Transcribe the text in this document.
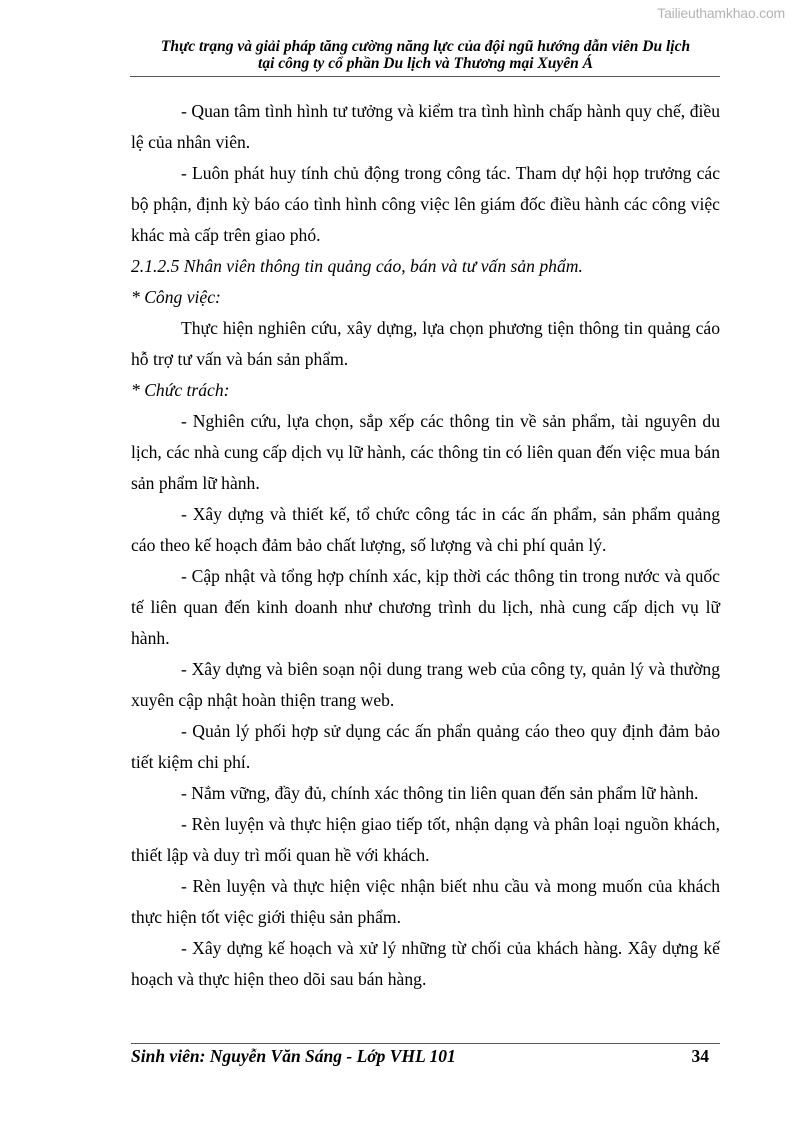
Tailieuthamkhao.com
Thực trạng và giải pháp tăng cường năng lực của đội ngũ hướng dẫn viên Du lịch
tại công ty cổ phần Du lịch và Thương mại Xuyên Á

- Quan tâm tình hình tư tưởng và kiểm tra tình hình chấp hành quy chế, điều lệ của nhân viên.

- Luôn phát huy tính chủ động trong công tác. Tham dự hội họp trưởng các bộ phận, định kỳ báo cáo tình hình công việc lên giám đốc điều hành các công việc khác mà cấp trên giao phó.

2.1.2.5 Nhân viên thông tin quảng cáo, bán và tư vấn sản phẩm.

* Công việc:

Thực hiện nghiên cứu, xây dựng, lựa chọn phương tiện thông tin quảng cáo hỗ trợ tư vấn và bán sản phẩm.

* Chức trách:

- Nghiên cứu, lựa chọn, sắp xếp các thông tin về sản phẩm, tài nguyên du lịch, các nhà cung cấp dịch vụ lữ hành, các thông tin có liên quan đến việc mua bán sản phẩm lữ hành.

- Xây dựng và thiết kế, tổ chức công tác in các ấn phẩm, sản phẩm quảng cáo theo kế hoạch đảm bảo chất lượng, số lượng và chi phí quản lý.

- Cập nhật và tổng hợp chính xác, kịp thời các thông tin trong nước và quốc tế liên quan đến kinh doanh như chương trình du lịch, nhà cung cấp dịch vụ lữ hành.

- Xây dựng và biên soạn nội dung trang web của công ty, quản lý và thường xuyên cập nhật hoàn thiện trang web.

- Quản lý phối hợp sử dụng các ấn phẩn quảng cáo theo quy định đảm bảo tiết kiệm chi phí.

- Nắm vững, đầy đủ, chính xác thông tin liên quan đến sản phẩm lữ hành.

- Rèn luyện và thực hiện giao tiếp tốt, nhận dạng và phân loại nguồn khách, thiết lập và duy trì mối quan hề với khách.

- Rèn luyện và thực hiện việc nhận biết nhu cầu và mong muốn của khách thực hiện tốt việc giới thiệu sản phẩm.

- Xây dựng kế hoạch và xử lý những từ chối của khách hàng. Xây dựng kế hoạch và thực hiện theo dõi sau bán hàng.

Sinh viên: Nguyễn Văn Sáng - Lớp VHL 101	34
